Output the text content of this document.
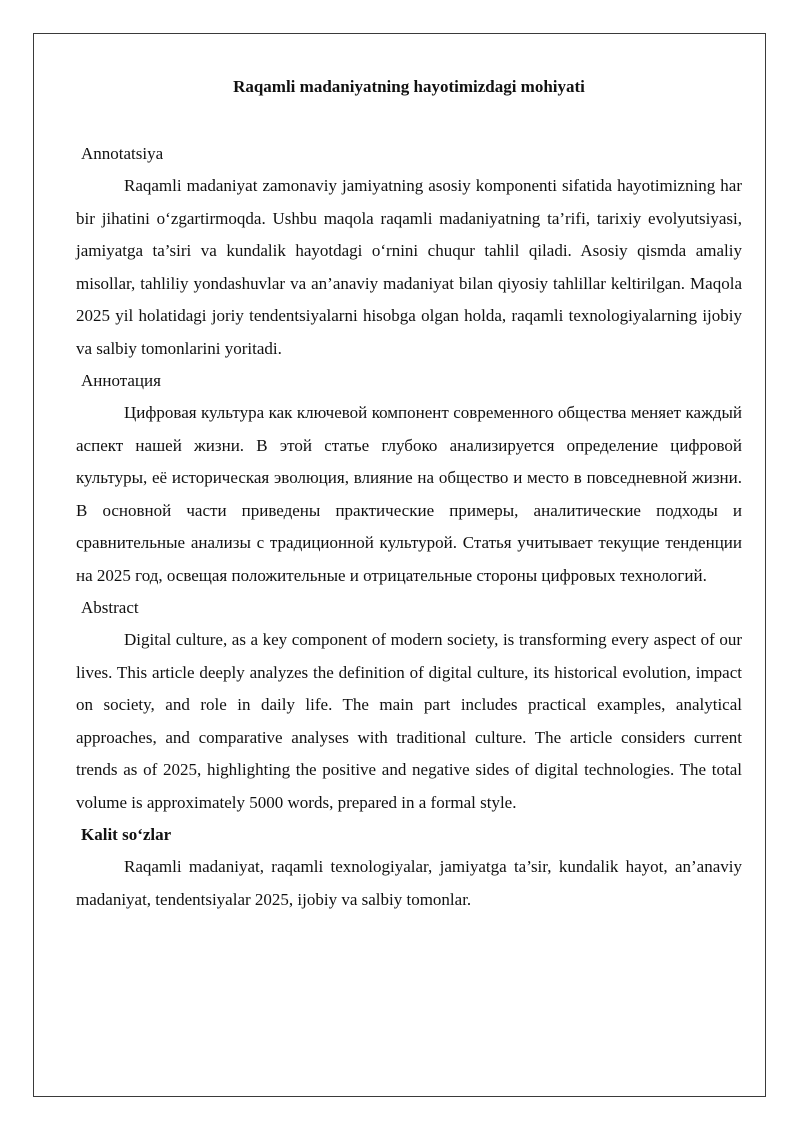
Raqamli madaniyatning hayotimizdagi mohiyati

Annotatsiya

Raqamli madaniyat zamonaviy jamiyatning asosiy komponenti sifatida hayotimizning har bir jihatini o‘zgartirmoqda. Ushbu maqola raqamli madaniyatning ta’rifi, tarixiy evolyutsiyasi, jamiyatga ta’siri va kundalik hayotdagi o‘rnini chuqur tahlil qiladi. Asosiy qismda amaliy misollar, tahliliy yondashuvlar va an’anaviy madaniyat bilan qiyosiy tahlillar keltirilgan. Maqola 2025 yil holatidagi joriy tendentsiyalarni hisobga olgan holda, raqamli texnologiyalarning ijobiy va salbiy tomonlarini yoritadi.

Аннотация

Цифровая культура как ключевой компонент современного общества меняет каждый аспект нашей жизни. В этой статье глубоко анализируется определение цифровой культуры, её историческая эволюция, влияние на общество и место в повседневной жизни. В основной части приведены практические примеры, аналитические подходы и сравнительные анализы с традиционной культурой. Статья учитывает текущие тенденции на 2025 год, освещая положительные и отрицательные стороны цифровых технологий.

Abstract

Digital culture, as a key component of modern society, is transforming every aspect of our lives. This article deeply analyzes the definition of digital culture, its historical evolution, impact on society, and role in daily life. The main part includes practical examples, analytical approaches, and comparative analyses with traditional culture. The article considers current trends as of 2025, highlighting the positive and negative sides of digital technologies. The total volume is approximately 5000 words, prepared in a formal style.

Kalit so‘zlar

Raqamli madaniyat, raqamli texnologiyalar, jamiyatga ta’sir, kundalik hayot, an’anaviy madaniyat, tendentsiyalar 2025, ijobiy va salbiy tomonlar.
